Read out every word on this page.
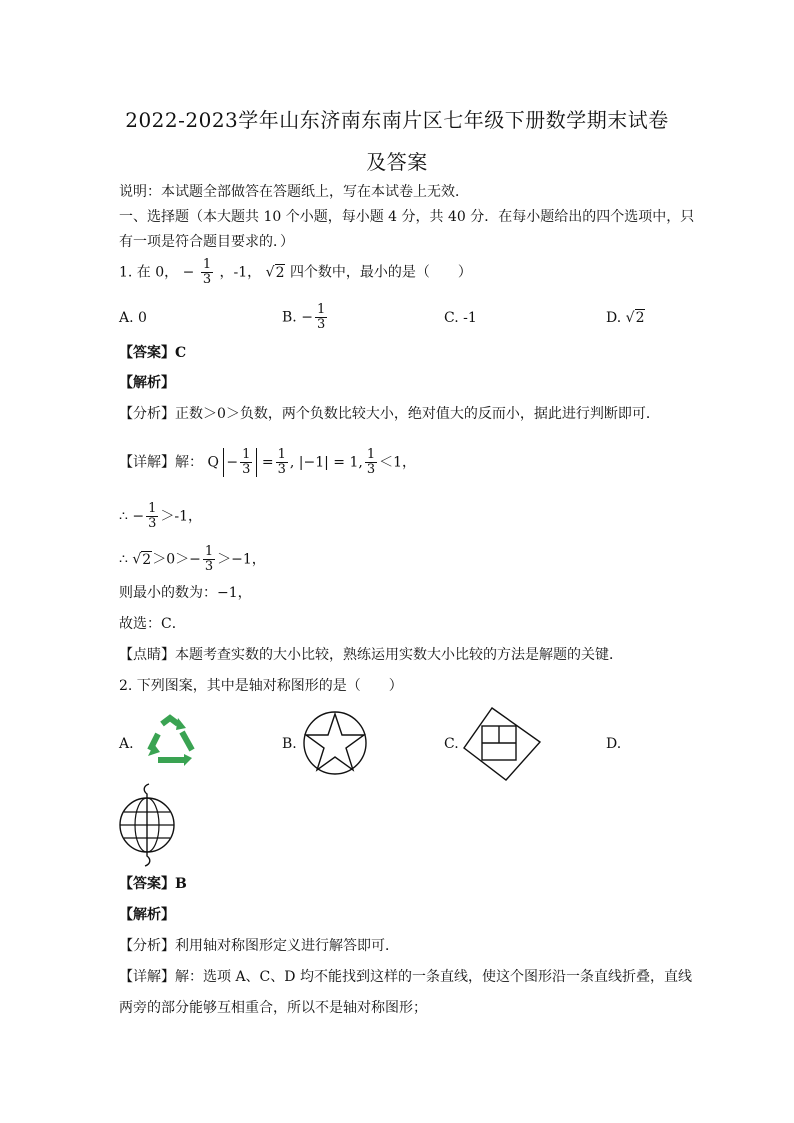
2022-2023学年山东济南东南片区七年级下册数学期末试卷
及答案
说明：本试题全部做答在答题纸上，写在本试卷上无效．
一、选择题（本大题共 10 个小题，每小题 4 分，共 40 分．在每小题给出的四个选项中，只
有一项是符合题目要求的．）
1. 在 0， − $\frac{1}{3}$ ，-1， √2 四个数中，最小的是（　　）
A. 0	B. − $\frac{1}{3}$	C. -1	D. √2
【答案】C
【解析】
【分析】正数＞0＞负数，两个负数比较大小，绝对值大的反而小，据此进行判断即可．
【详解】解： $Q - \frac{1}{3} = \frac{1}{3}$ , |−1| = 1, $\frac{1}{3} <1$，
∴ − $\frac{1}{3} >-1$，
∴ $√2>0>- \frac{1}{3} >-1$，
则最小的数为：−1，
故选：C．
【点睛】本题考查实数的大小比较，熟练运用实数大小比较的方法是解题的关键．
2. 下列图案，其中是轴对称图形的是（　　）
A.	B.	C.	D.
【答案】B
【解析】
【分析】利用轴对称图形定义进行解答即可．
【详解】解：选项 A、C、D 均不能找到这样的一条直线，使这个图形沿一条直线折叠，直线
两旁的部分能够互相重合，所以不是轴对称图形；
